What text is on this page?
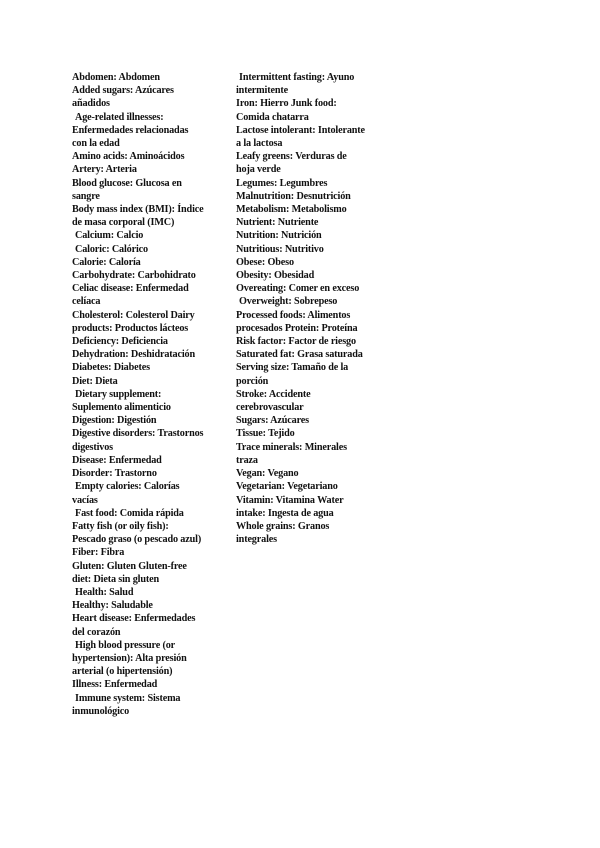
Abdomen: Abdomen

Added sugars: Azúcares añadidos

Age-related illnesses: Enfermedades relacionadas con la edad

Amino acids: Aminoácidos

Artery: Arteria

Blood glucose: Glucosa en sangre

Body mass index (BMI): Índice de masa corporal (IMC)

Calcium: Calcio

Caloric: Calórico

Calorie: Caloría

Carbohydrate: Carbohidrato

Celiac disease: Enfermedad celíaca

Cholesterol: Colesterol Dairy products: Productos lácteos

Deficiency: Deficiencia

Dehydration: Deshidratación

Diabetes: Diabetes

Diet: Dieta

Dietary supplement: Suplemento alimenticio

Digestion: Digestión

Digestive disorders: Trastornos digestivos

Disease: Enfermedad

Disorder: Trastorno

Empty calories: Calorías vacías

Fast food: Comida rápida

Fatty fish (or oily fish): Pescado graso (o pescado azul)

Fiber: Fibra

Gluten: Gluten Gluten-free diet: Dieta sin gluten

Health: Salud

Healthy: Saludable

Heart disease: Enfermedades del corazón

High blood pressure (or hypertension): Alta presión arterial (o hipertensión)

Illness: Enfermedad

Immune system: Sistema inmunológico

Intermittent fasting: Ayuno intermitente

Iron: Hierro Junk food: Comida chatarra

Lactose intolerant: Intolerante a la lactosa

Leafy greens: Verduras de hoja verde

Legumes: Legumbres

Malnutrition: Desnutrición

Metabolism: Metabolismo

Nutrient: Nutriente

Nutrition: Nutrición

Nutritious: Nutritivo

Obese: Obeso

Obesity: Obesidad

Overeating: Comer en exceso

Overweight: Sobrepeso

Processed foods: Alimentos procesados Protein: Proteína

Risk factor: Factor de riesgo

Saturated fat: Grasa saturada

Serving size: Tamaño de la porción

Stroke: Accidente cerebrovascular

Sugars: Azúcares

Tissue: Tejido

Trace minerals: Minerales traza

Vegan: Vegano

Vegetarian: Vegetariano

Vitamin: Vitamina Water intake: Ingesta de agua

Whole grains: Granos integrales
